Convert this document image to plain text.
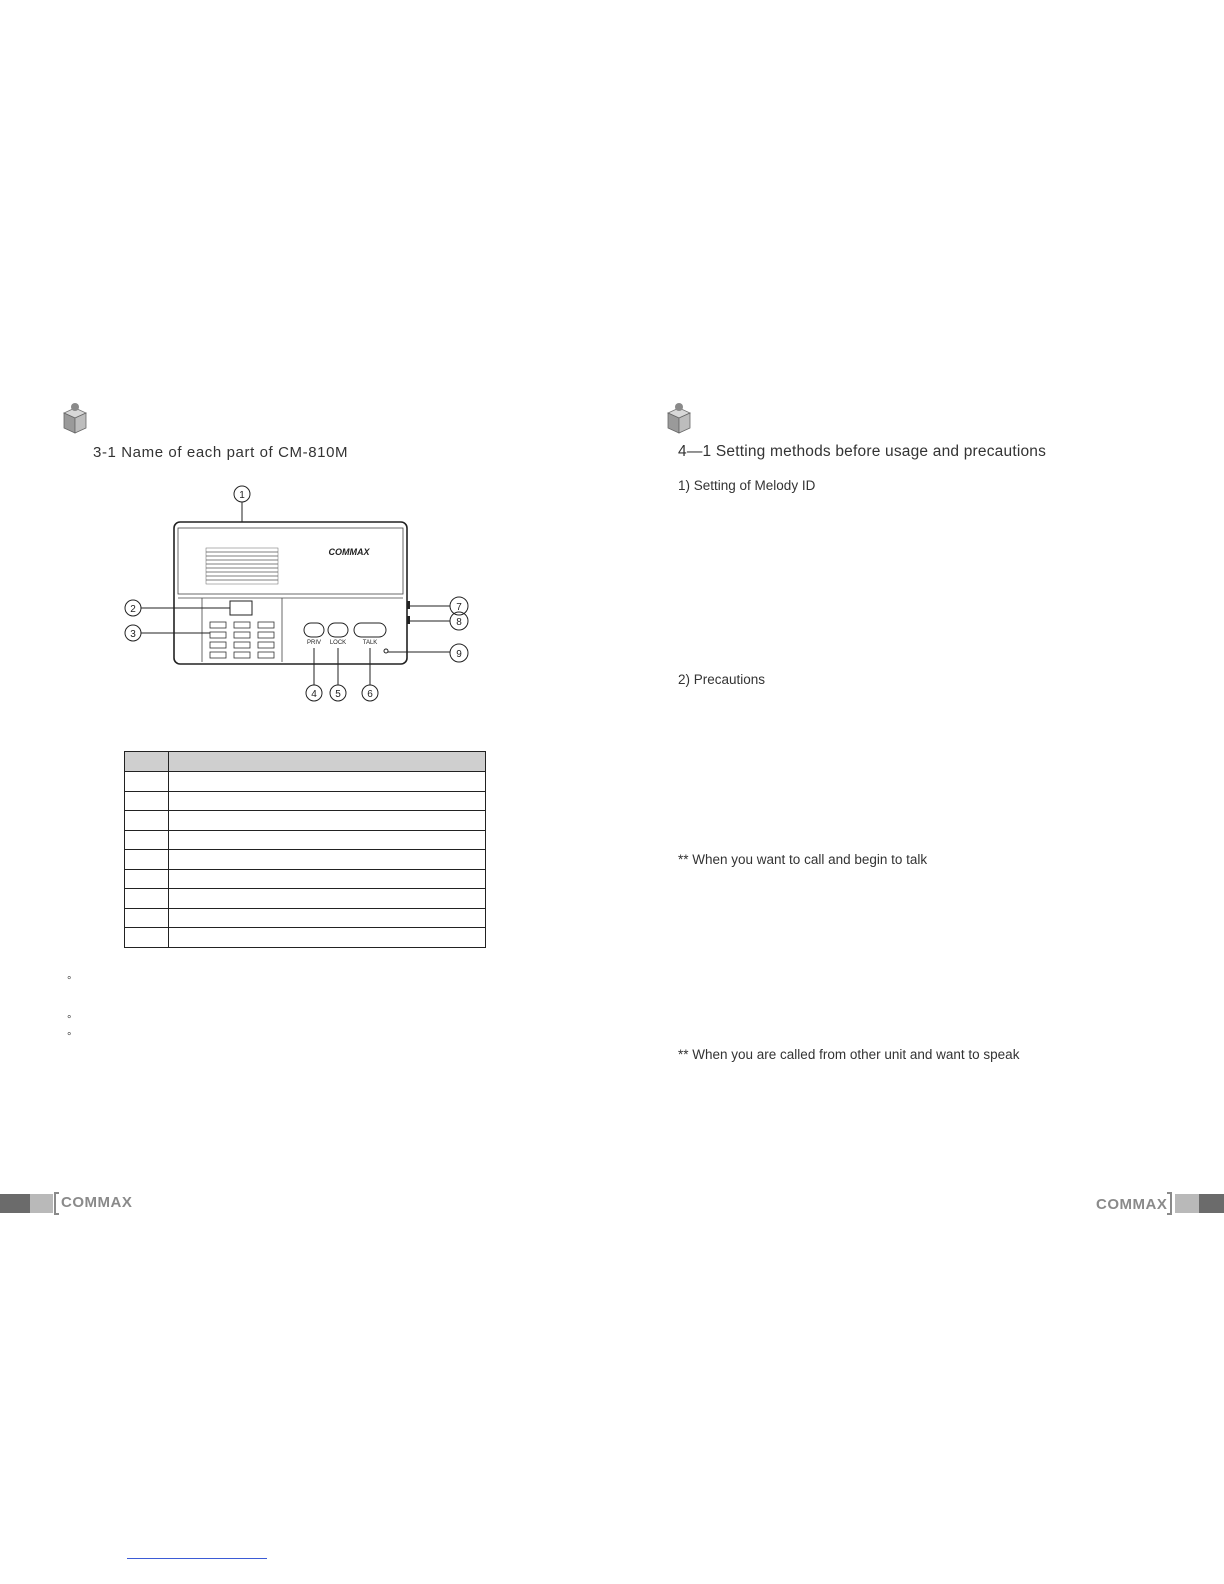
3-1 Name of each part of CM-810M
1
COMMAX
PRIV LOCK	TALK
2
3
7
8
9
4 5	6

°
°
°
COMMAX
4—1 Setting methods before usage and precautions
1) Setting of Melody ID
2) Precautions
** When you want to call and begin to talk
** When you are called from other unit and want to speak
COMMAX
